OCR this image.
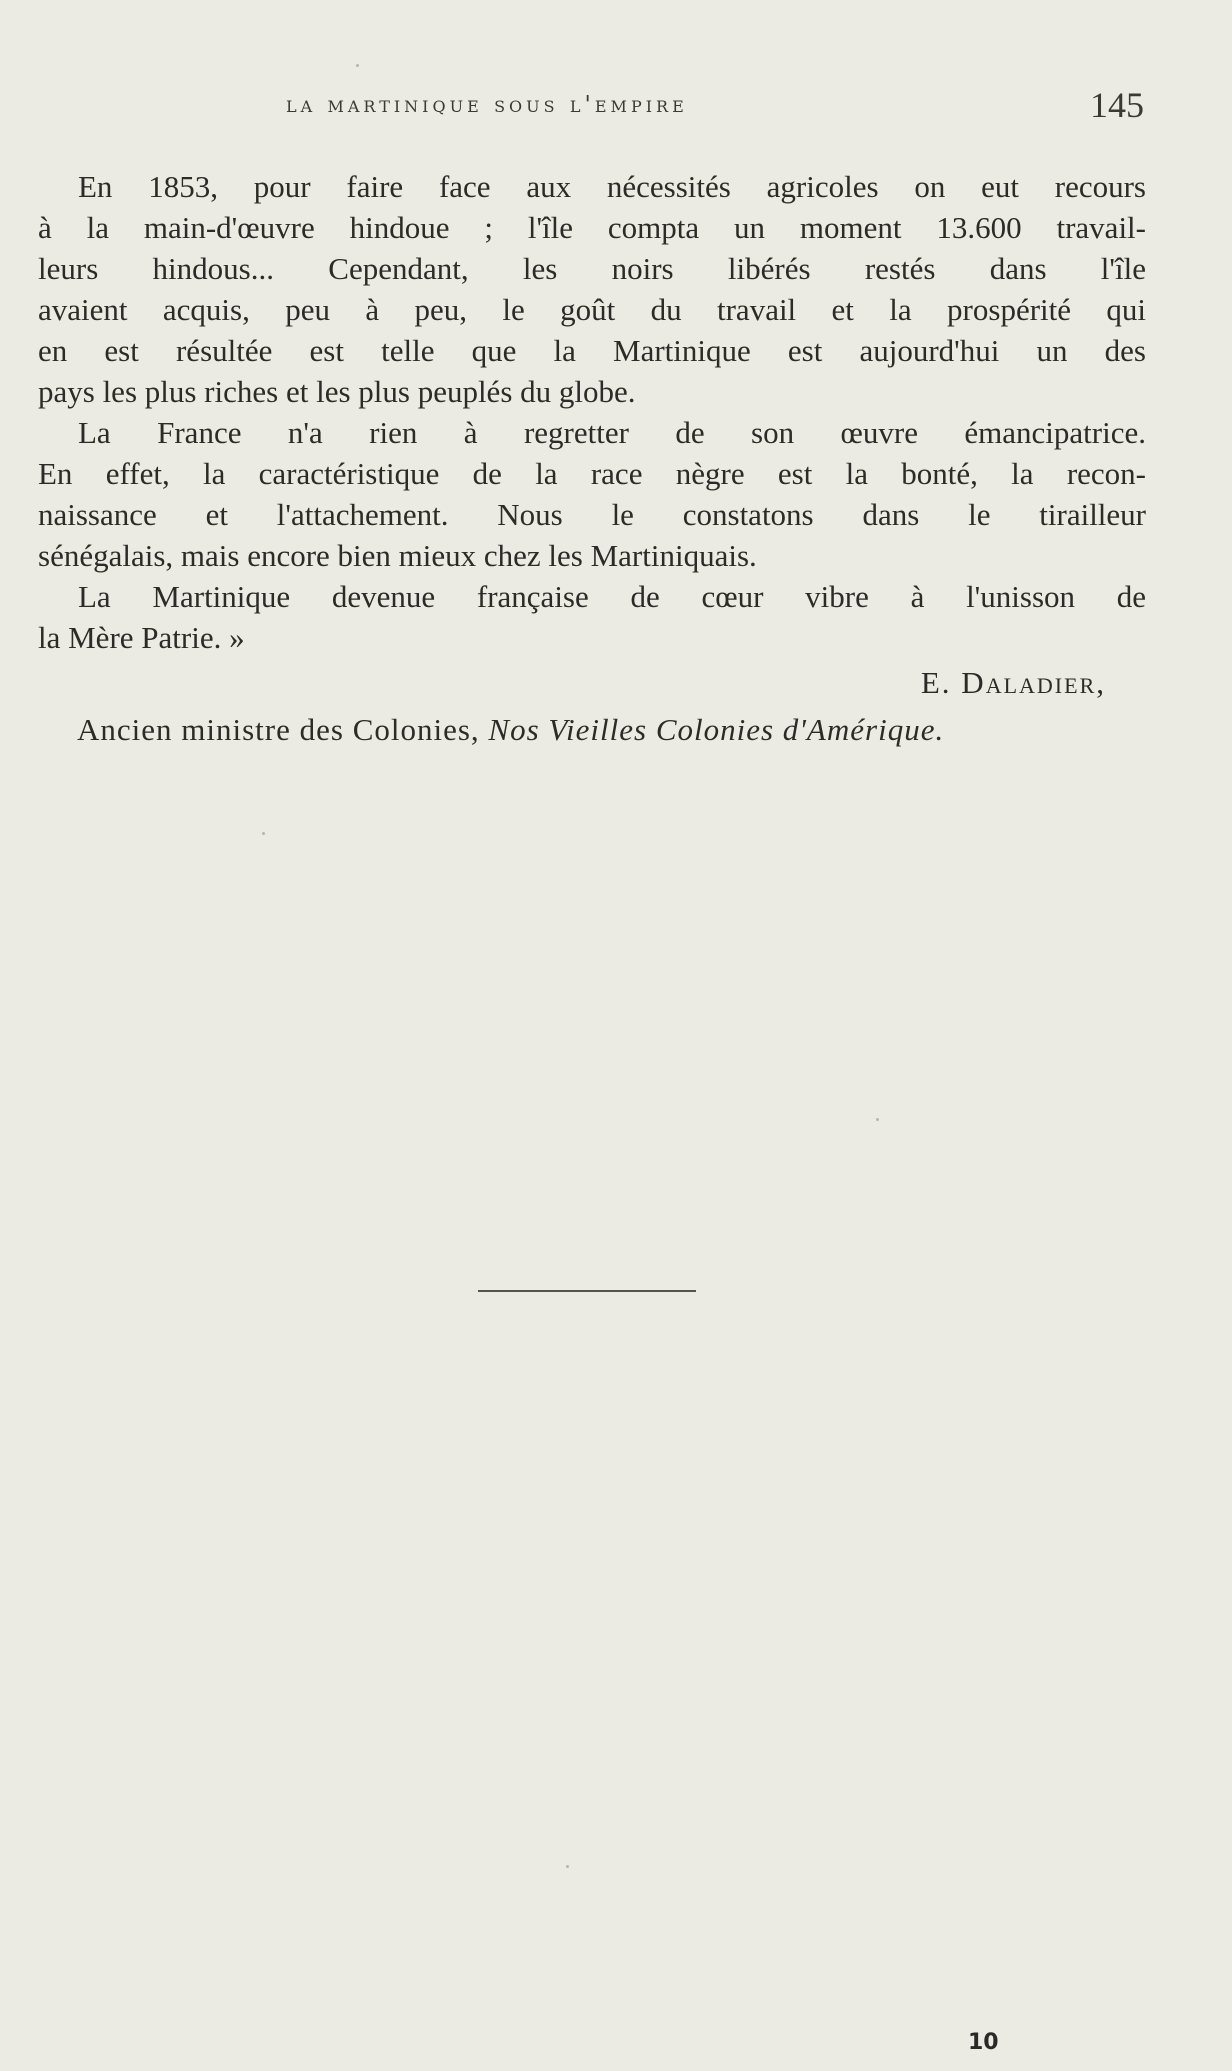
la martinique sous l'empire	145
En 1853, pour faire face aux nécessités agricoles on eut recours
à la main-d'œuvre hindoue ; l'île compta un moment 13.600 travail-
leurs hindous... Cependant, les noirs libérés restés dans l'île
avaient acquis, peu à peu, le goût du travail et la prospérité qui
en est résultée est telle que la Martinique est aujourd'hui un des
pays les plus riches et les plus peuplés du globe.
La France n'a rien à regretter de son œuvre émancipatrice.
En effet, la caractéristique de la race nègre est la bonté, la recon-
naissance et l'attachement. Nous le constatons dans le tirailleur
sénégalais, mais encore bien mieux chez les Martiniquais.
La Martinique devenue française de cœur vibre à l'unisson de
la Mère Patrie. »
E. Daladier,
Ancien ministre des Colonies, Nos Vieilles Colonies d'Amérique.
10
